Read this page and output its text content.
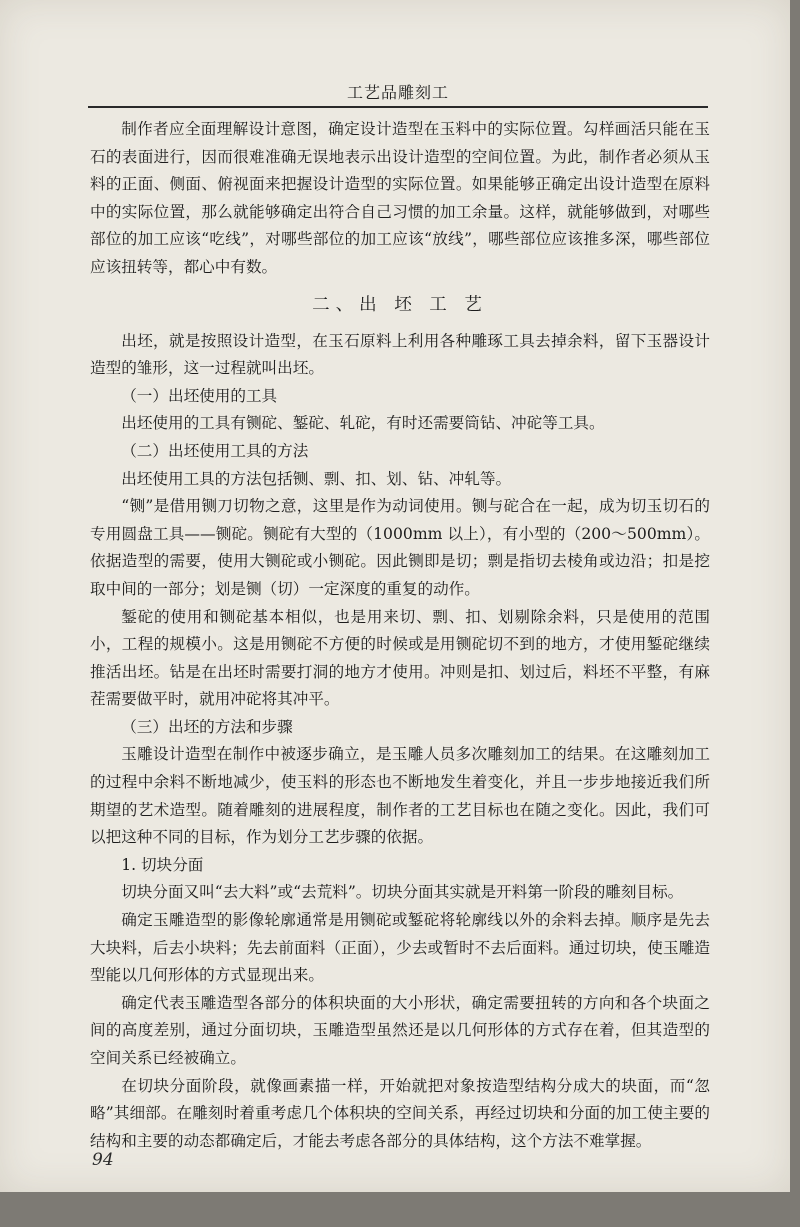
工艺品雕刻工

制作者应全面理解设计意图，确定设计造型在玉料中的实际位置。勾样画活只能在玉石的表面进行，因而很难准确无误地表示出设计造型的空间位置。为此，制作者必须从玉料的正面、侧面、俯视面来把握设计造型的实际位置。如果能够正确定出设计造型在原料中的实际位置，那么就能够确定出符合自己习惯的加工余量。这样，就能够做到，对哪些部位的加工应该“吃线”，对哪些部位的加工应该“放线”，哪些部位应该推多深，哪些部位应该扭转等，都心中有数。

二、出 坯 工 艺

出坯，就是按照设计造型，在玉石原料上利用各种雕琢工具去掉余料，留下玉器设计造型的雏形，这一过程就叫出坯。

（一）出坯使用的工具

出坯使用的工具有铡砣、錾砣、轧砣，有时还需要筒钻、冲砣等工具。

（二）出坯使用工具的方法

出坯使用工具的方法包括铡、剽、扣、划、钻、冲轧等。

“铡”是借用铡刀切物之意，这里是作为动词使用。铡与砣合在一起，成为切玉切石的专用圆盘工具——铡砣。铡砣有大型的（1000mm 以上），有小型的（200～500mm）。依据造型的需要，使用大铡砣或小铡砣。因此铡即是切；剽是指切去棱角或边沿；扣是挖取中间的一部分；划是铡（切）一定深度的重复的动作。

錾砣的使用和铡砣基本相似，也是用来切、剽、扣、划剔除余料，只是使用的范围小，工程的规模小。这是用铡砣不方便的时候或是用铡砣切不到的地方，才使用錾砣继续推活出坯。钻是在出坯时需要打洞的地方才使用。冲则是扣、划过后，料坯不平整，有麻茬需要做平时，就用冲砣将其冲平。

（三）出坯的方法和步骤

玉雕设计造型在制作中被逐步确立，是玉雕人员多次雕刻加工的结果。在这雕刻加工的过程中余料不断地减少，使玉料的形态也不断地发生着变化，并且一步步地接近我们所期望的艺术造型。随着雕刻的进展程度，制作者的工艺目标也在随之变化。因此，我们可以把这种不同的目标，作为划分工艺步骤的依据。

1. 切块分面

切块分面又叫“去大料”或“去荒料”。切块分面其实就是开料第一阶段的雕刻目标。

确定玉雕造型的影像轮廓通常是用铡砣或錾砣将轮廓线以外的余料去掉。顺序是先去大块料，后去小块料；先去前面料（正面），少去或暂时不去后面料。通过切块，使玉雕造型能以几何形体的方式显现出来。

确定代表玉雕造型各部分的体积块面的大小形状，确定需要扭转的方向和各个块面之间的高度差别，通过分面切块，玉雕造型虽然还是以几何形体的方式存在着，但其造型的空间关系已经被确立。

在切块分面阶段，就像画素描一样，开始就把对象按造型结构分成大的块面，而“忽略”其细部。在雕刻时着重考虑几个体积块的空间关系，再经过切块和分面的加工使主要的结构和主要的动态都确定后，才能去考虑各部分的具体结构，这个方法不难掌握。

94
